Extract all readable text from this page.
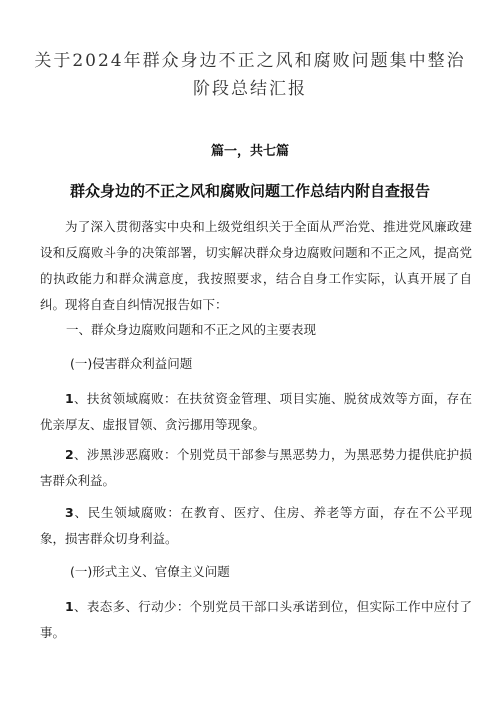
关于2024年群众身边不正之风和腐败问题集中整治
阶段总结汇报
篇一，共七篇
群众身边的不正之风和腐败问题工作总结内附自查报告
为了深入贯彻落实中央和上级党组织关于全面从严治党、推进党风廉政建设和反腐败斗争的决策部署，切实解决群众身边腐败问题和不正之风，提高党的执政能力和群众满意度，我按照要求，结合自身工作实际，认真开展了自纠。现将自查自纠情况报告如下：
一、群众身边腐败问题和不正之风的主要表现
(一)侵害群众利益问题
1、扶贫领域腐败：在扶贫资金管理、项目实施、脱贫成效等方面，存在优亲厚友、虚报冒领、贪污挪用等现象。
2、涉黑涉恶腐败：个别党员干部参与黑恶势力，为黑恶势力提供庇护损害群众利益。
3、民生领域腐败：在教育、医疗、住房、养老等方面，存在不公平现象，损害群众切身利益。
(一)形式主义、官僚主义问题
1、表态多、行动少：个别党员干部口头承诺到位，但实际工作中应付了事。
